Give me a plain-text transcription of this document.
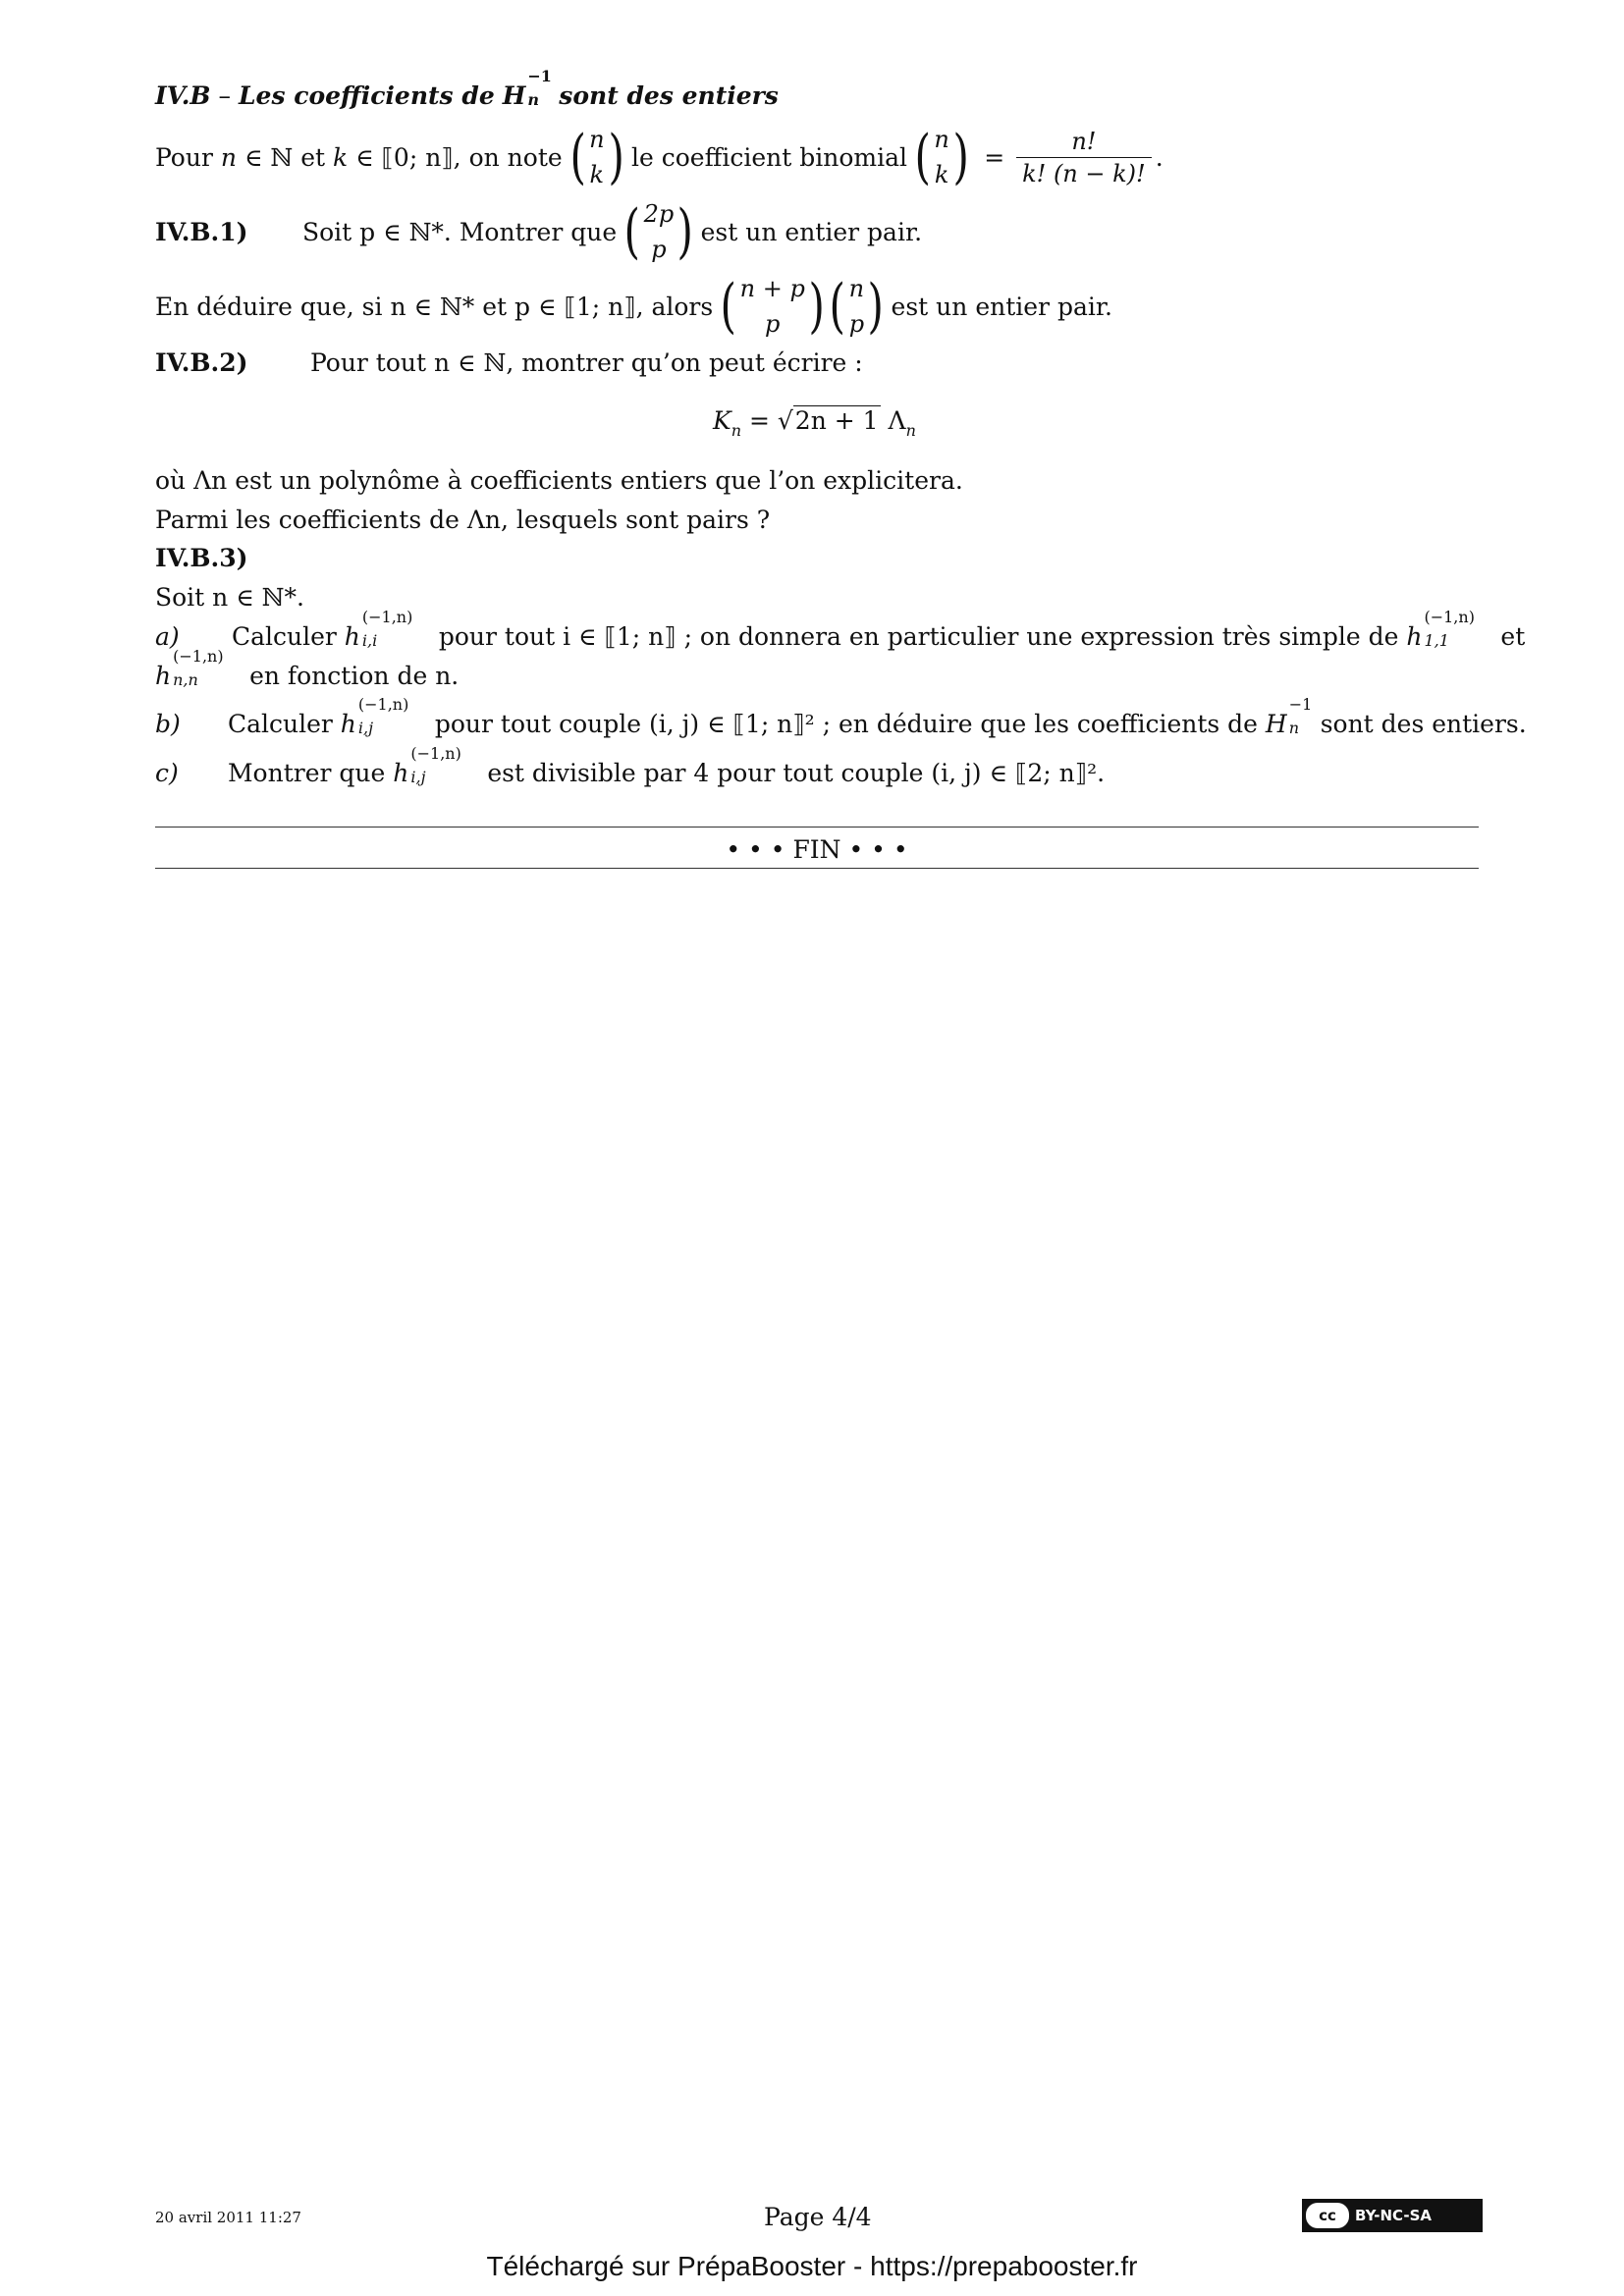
IV.B – Les coefficients de H
−1
n sont des entiers
Pour
n
∈ ℕ et
k
∈ ⟦0; n⟧, on note ( n
k ) le coefficient binomial ( n
k ) = $\frac{n!}{k! (n - k)!}$ .
IV.B.1)	Soit p ∈ ℕ*. Montrer que ( 2p
p ) est un entier pair.
En déduire que, si n ∈ ℕ* et p ∈ ⟦1; n⟧, alors ( n + p
p ) ( n
p ) est un entier pair.
IV.B.2)	Pour tout n ∈ ℕ, montrer qu’on peut écrire :
$K_n = √2n + 1$ $\Lambda_n$
où Λn est un polynôme à coefficients entiers que l’on explicitera.
Parmi les coefficients de Λn, lesquels sont pairs ?
IV.B.3)
Soit n ∈ ℕ*.
a) Calculer h
(−1,n)
i,i	pour tout i ∈ ⟦1; n⟧ ; on donnera en particulier une expression très simple de h
(−1,n)
1,1 et
h
(−1,n)
n,n en fonction de n.
b) Calculer h
(−1,n)
i,j	pour tout couple (i, j) ∈ ⟦1; n⟧² ; en déduire que les coefficients de H
−1
n sont des entiers.
c) Montrer que h
(−1,n)
i,j	est divisible par 4 pour tout couple (i, j) ∈ ⟦2; n⟧².
• • • FIN • • •
20 avril 2011 11:27	Page 4/4	cc	BY-NC-SA
Téléchargé sur PrépaBooster - https://prepabooster.fr
